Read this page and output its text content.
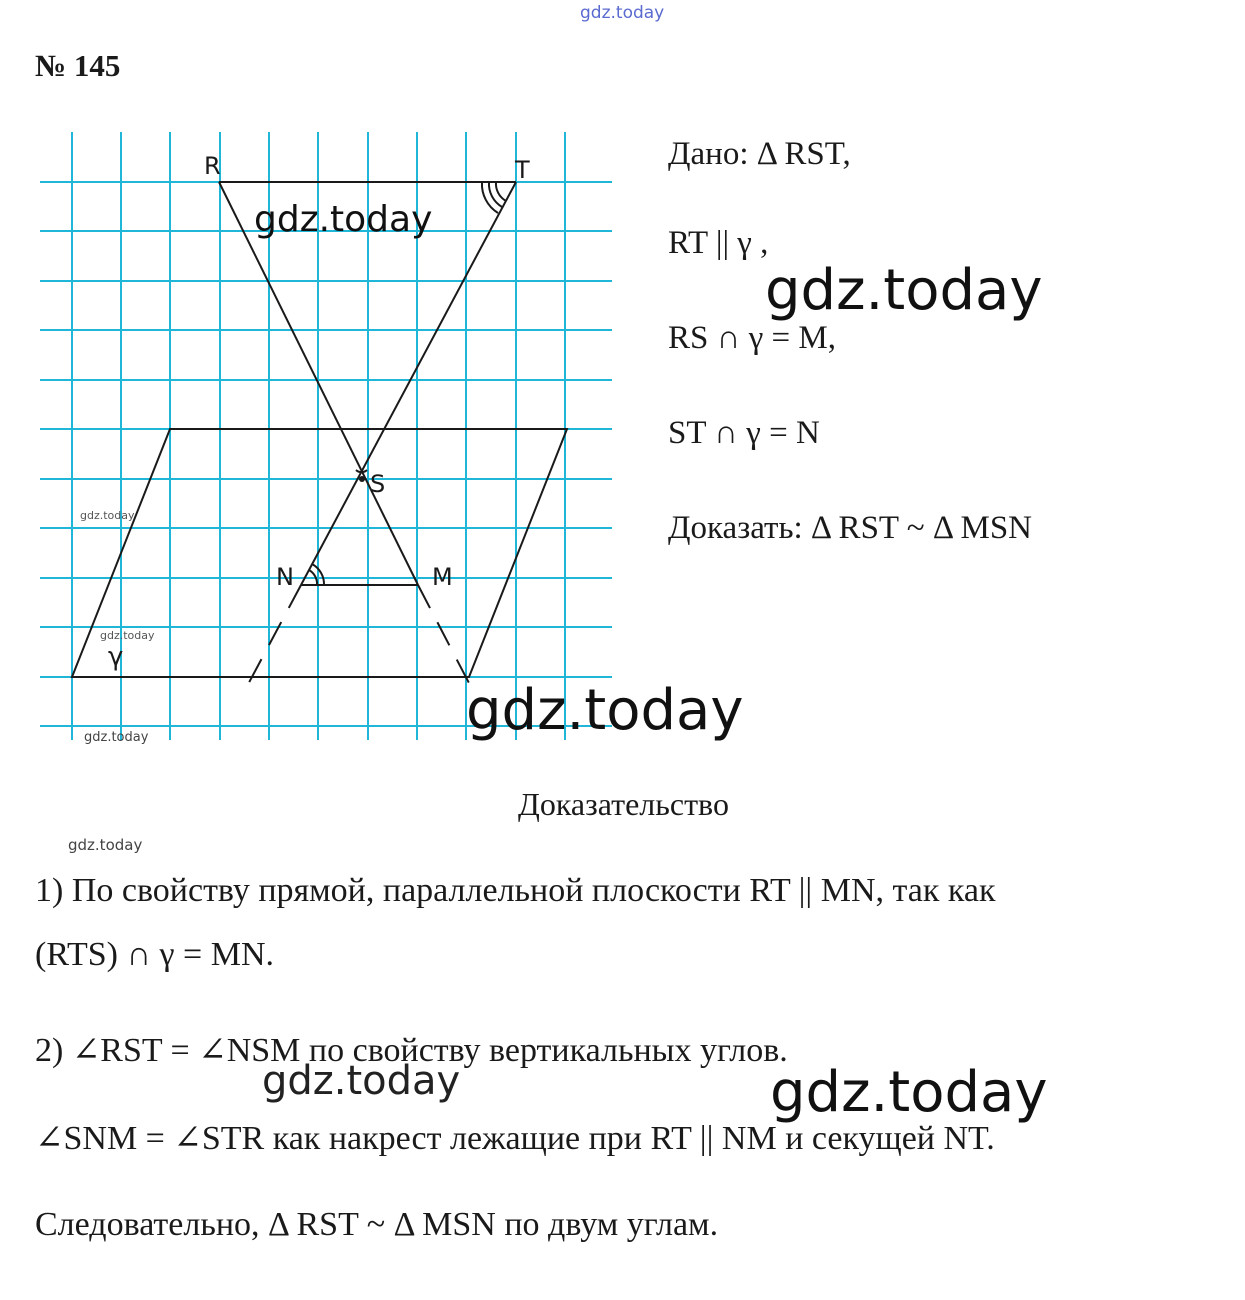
gdz.today
№ 145
R	T
S
N	M
γ
gdz.today
gdz.today
gdz.today
gdz.today
Дано: Δ RST,
RT || γ ,
RS ∩ γ = M,
ST ∩ γ = N
Доказать: Δ RST ~ Δ MSN
gdz.today
gdz.today
gdz.today
gdz.today	gdz.today
Доказательство
1) По свойству прямой, параллельной плоскости RT || MN, так как
(RTS) ∩ γ = MN.
2) ∠RST = ∠NSM по свойству вертикальных углов.
∠SNM = ∠STR как накрест лежащие при RT || NM и секущей NT.
Следовательно, Δ RST ~ Δ MSN по двум углам.
